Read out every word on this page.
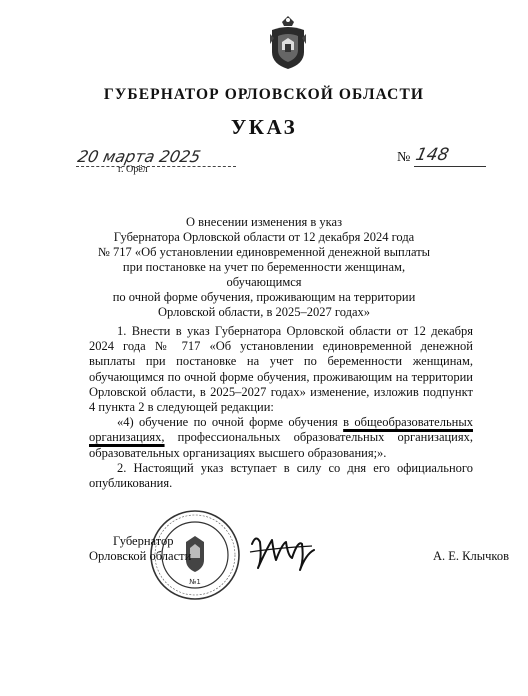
ГУБЕРНАТОР ОРЛОВСКОЙ ОБЛАСТИ
УКАЗ
20 марта 2025
г. Орёл
№ 148
О внесении изменения в указ
Губернатора Орловской области от 12 декабря 2024 года
№ 717 «Об установлении единовременной денежной выплаты
при постановке на учет по беременности женщинам, обучающимся
по очной форме обучения, проживающим на территории
Орловской области, в 2025–2027 годах»

1. Внести в указ Губернатора Орловской области от 12 декабря 2024 года № 717 «Об установлении единовременной денежной выплаты при постановке на учет по беременности женщинам, обучающимся по очной форме обучения, проживающим на территории Орловской области, в 2025–2027 годах» изменение, изложив подпункт 4 пункта 2 в следующей редакции:

«4) обучение по очной форме обучения в общеобразовательных организациях, профессиональных образовательных организациях, образовательных организациях высшего образования;».

2. Настоящий указ вступает в силу со дня его официального опубликования.

№1
Губернатор
Орловской области	А. Е. Клычков
